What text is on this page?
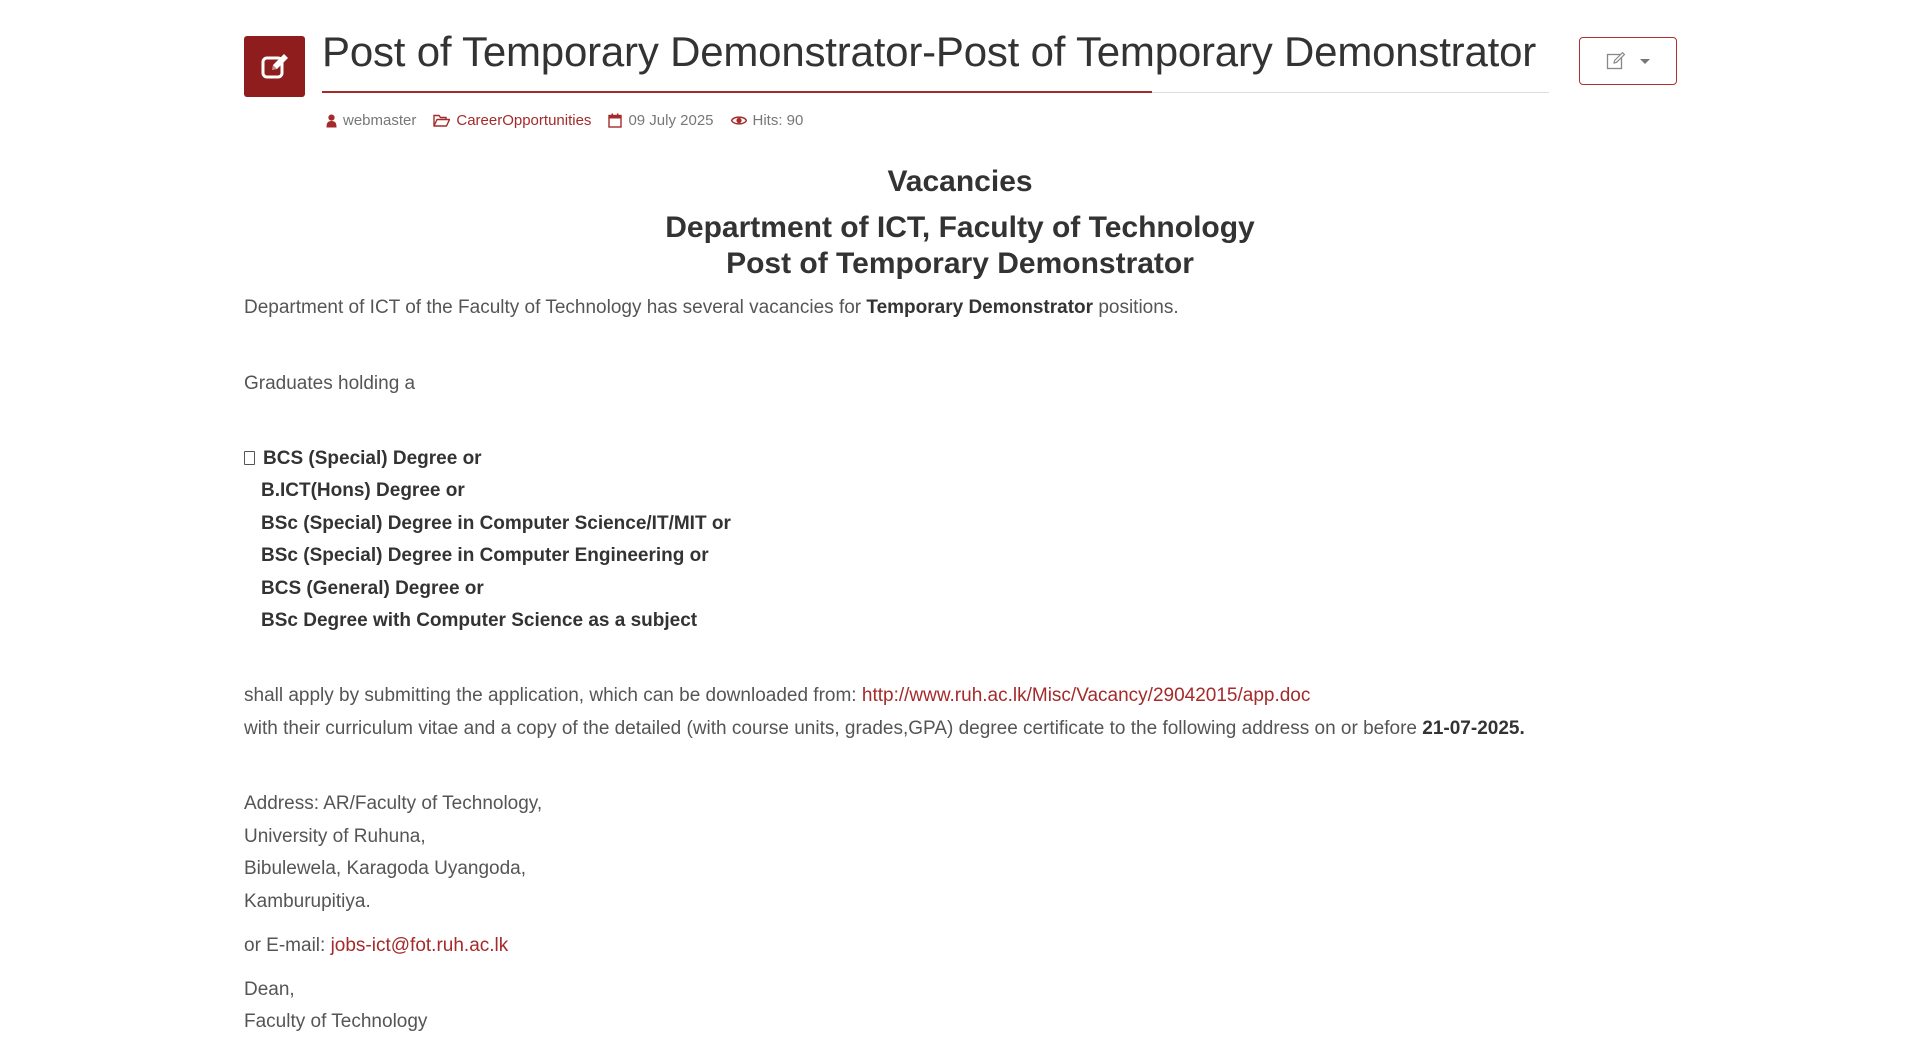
Post of Temporary Demonstrator-Post of Temporary Demonstrator
webmaster	CareerOpportunities 09 July 2025	Hits: 90
Vacancies
Department of ICT, Faculty of Technology
Post of Temporary Demonstrator

Department of ICT of the Faculty of Technology has several vacancies for Temporary Demonstrator positions.

Graduates holding a

BCS (Special) Degree or
B.ICT(Hons) Degree or
BSc (Special) Degree in Computer Science/IT/MIT or
BSc (Special) Degree in Computer Engineering or
BCS (General) Degree or
BSc Degree with Computer Science as a subject

shall apply by submitting the application, which can be downloaded from: http://www.ruh.ac.lk/Misc/Vacancy/29042015/app.doc
with their curriculum vitae and a copy of the detailed (with course units, grades,GPA) degree certificate to the following address on or before 21-07-2025.

Address: AR/Faculty of Technology,
University of Ruhuna,
Bibulewela, Karagoda Uyangoda,
Kamburupitiya.

or E-mail: jobs-ict@fot.ruh.ac.lk

Dean,
Faculty of Technology
